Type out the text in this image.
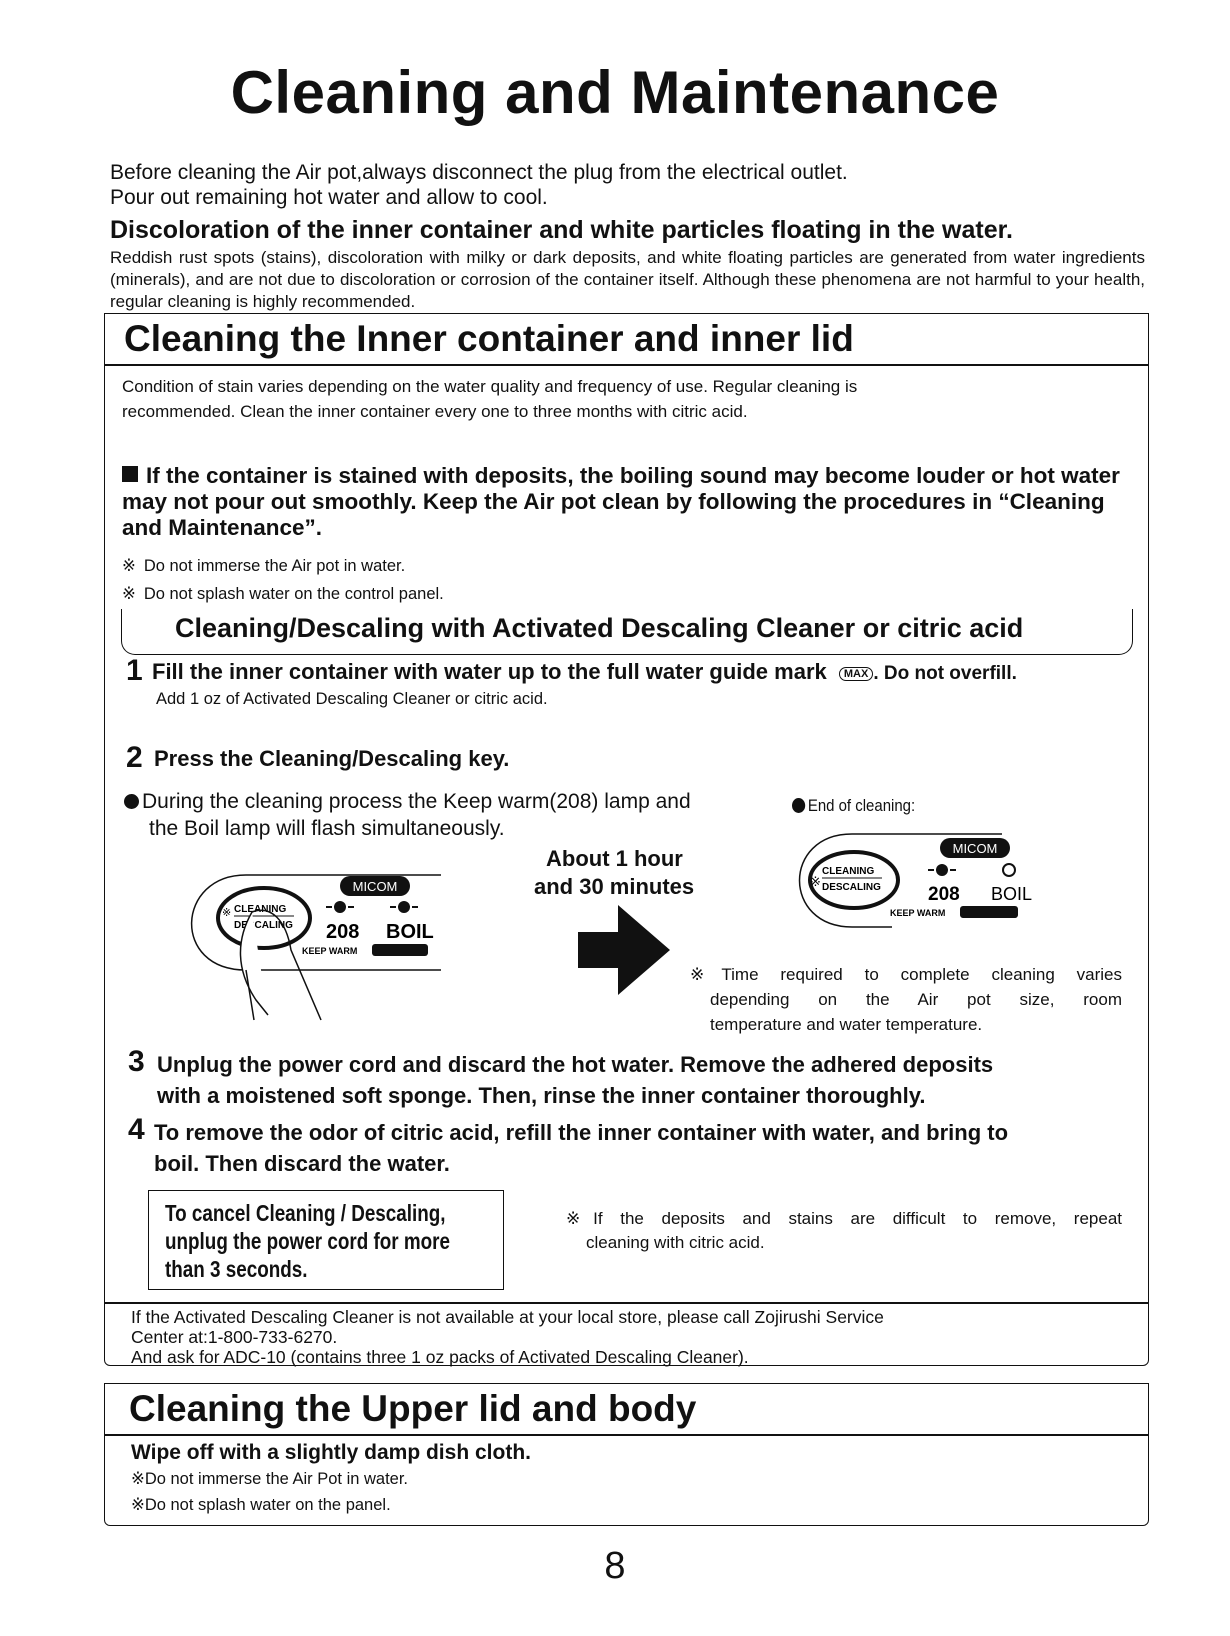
Cleaning and Maintenance
Before cleaning the Air pot,always disconnect the plug from the electrical outlet.
Pour out remaining hot water and allow to cool.
Discoloration of the inner container and white particles floating in the water.
Reddish rust spots (stains), discoloration with milky or dark deposits, and white floating particles are generated from water ingredients (minerals), and are not due to discoloration or corrosion of the container itself. Although these phenomena are not harmful to your health, regular cleaning is highly recommended.
Cleaning the Inner container and inner lid
Condition of stain varies depending on the water quality and frequency of use. Regular cleaning is
recommended. Clean the inner container every one to three months with citric acid.
If the container is stained with deposits, the boiling sound may become louder or hot water may not pour out smoothly. Keep the Air pot clean by following the procedures in “Cleaning and Maintenance”.
※ Do not immerse the Air pot in water.
※ Do not splash water on the control panel.
Cleaning/Descaling with Activated Descaling Cleaner or citric acid
1 Fill the inner container with water up to the full water guide mark MAX . Do not overfill.
Add 1 oz of Activated Descaling Cleaner or citric acid.
2 Press the Cleaning/Descaling key.
During the cleaning process the Keep warm(208) lamp and
the Boil lamp will flash simultaneously.
End of cleaning:
About 1 hour
and 30 minutes
※ CLEANING
DESCALING
MICOM
208 BOIL
KEEP WARM
※
CLEANING
DESCALING
MICOM
208 BOIL
KEEP WARM
※Time required to complete cleaning varies
depending on the Air pot size, room
temperature and water temperature.
3 Unplug the power cord and discard the hot water. Remove the adhered deposits
with a moistened soft sponge. Then, rinse the inner container thoroughly.
4 To remove the odor of citric acid, refill the inner container with water, and bring to
boil. Then discard the water.
To cancel Cleaning / Descaling,
unplug the power cord for more
than 3 seconds.
※If the deposits and stains are difficult to remove, repeat
cleaning with citric acid.
If the Activated Descaling Cleaner is not available at your local store, please call Zojirushi Service
Center at:1-800-733-6270.
And ask for ADC-10 (contains three 1 oz packs of Activated Descaling Cleaner).
Cleaning the Upper lid and body
Wipe off with a slightly damp dish cloth.
※Do not immerse the Air Pot in water.
※Do not splash water on the panel.
8
